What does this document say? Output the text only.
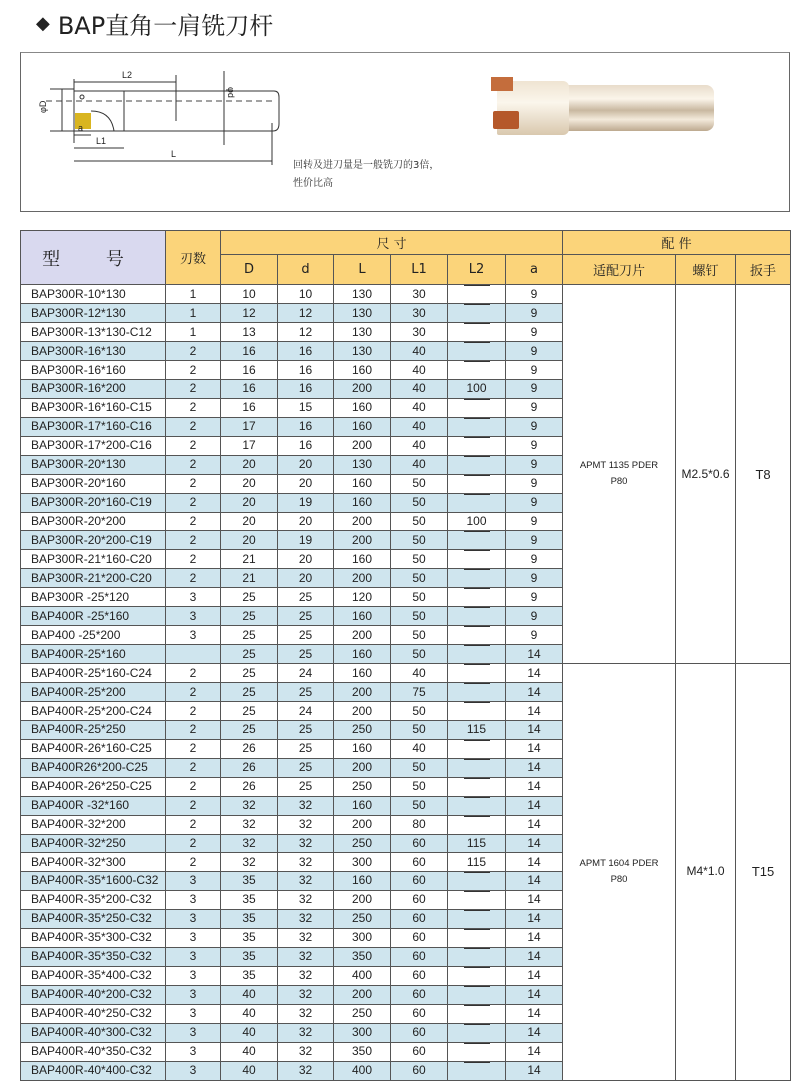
◆ BAP直角一肩铣刀杆
L2
φd
φD
a
L1
L
回转及进刀量是一般铣刀的3倍，
性价比高
型 号	刃数	尺 寸						配 件		
		D	d	L	L1	L2	a	适配刀片	螺钉	扳手
BAP300R-10*130	1	10	10	130	30		9	APMT 1135 PDER
P80	M2.5*0.6	T8
BAP300R-12*130	1	12	12	130	30		9			
BAP300R-13*130-C12	1	13	12	130	30		9			
BAP300R-16*130	2	16	16	130	40		9			
BAP300R-16*160	2	16	16	160	40		9			
BAP300R-16*200	2	16	16	200	40	100	9			
BAP300R-16*160-C15	2	16	15	160	40		9			
BAP300R-17*160-C16	2	17	16	160	40		9			
BAP300R-17*200-C16	2	17	16	200	40		9			
BAP300R-20*130	2	20	20	130	40		9			
BAP300R-20*160	2	20	20	160	50		9			
BAP300R-20*160-C19	2	20	19	160	50		9			
BAP300R-20*200	2	20	20	200	50	100	9			
BAP300R-20*200-C19	2	20	19	200	50		9			
BAP300R-21*160-C20	2	21	20	160	50		9			
BAP300R-21*200-C20	2	21	20	200	50		9			
BAP300R -25*120	3	25	25	120	50		9			
BAP400R -25*160	3	25	25	160	50		9			
BAP400 -25*200	3	25	25	200	50		9			
BAP400R-25*160		25	25	160	50		14			
BAP400R-25*160-C24	2	25	24	160	40		14	APMT 1604 PDER
P80	M4*1.0	T15
BAP400R-25*200	2	25	25	200	75		14			
BAP400R-25*200-C24	2	25	24	200	50		14			
BAP400R-25*250	2	25	25	250	50	115	14			
BAP400R-26*160-C25	2	26	25	160	40		14			
BAP400R26*200-C25	2	26	25	200	50		14			
BAP400R-26*250-C25	2	26	25	250	50		14			
BAP400R -32*160	2	32	32	160	50		14			
BAP400R-32*200	2	32	32	200	80		14			
BAP400R-32*250	2	32	32	250	60	115	14			
BAP400R-32*300	2	32	32	300	60	115	14			
BAP400R-35*1600-C32	3	35	32	160	60		14			
BAP400R-35*200-C32	3	35	32	200	60		14			
BAP400R-35*250-C32	3	35	32	250	60		14			
BAP400R-35*300-C32	3	35	32	300	60		14			
BAP400R-35*350-C32	3	35	32	350	60		14			
BAP400R-35*400-C32	3	35	32	400	60		14			
BAP400R-40*200-C32	3	40	32	200	60		14			
BAP400R-40*250-C32	3	40	32	250	60		14			
BAP400R-40*300-C32	3	40	32	300	60		14			
BAP400R-40*350-C32	3	40	32	350	60		14			
BAP400R-40*400-C32	3	40	32	400	60		14			
